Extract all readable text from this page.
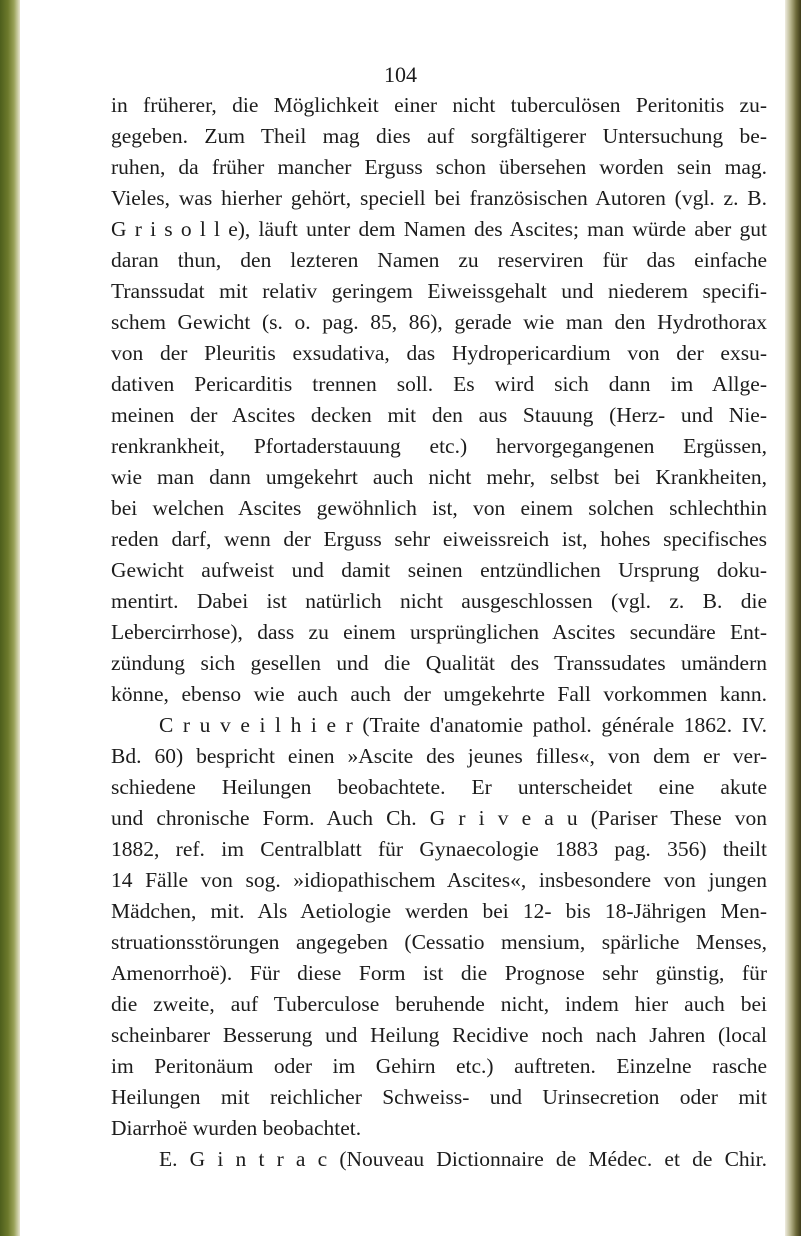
104
in früherer, die Möglichkeit einer nicht tuberculösen Peritonitis zu-
gegeben. Zum Theil mag dies auf sorgfältigerer Untersuchung be-
ruhen, da früher mancher Erguss schon übersehen worden sein mag.
Vieles, was hierher gehört, speciell bei französischen Autoren (vgl. z. B.
G r i s o l l e), läuft unter dem Namen des Ascites; man würde aber gut
daran thun, den lezteren Namen zu reserviren für das einfache
Transsudat mit relativ geringem Eiweissgehalt und niederem specifi-
schem Gewicht (s. o. pag. 85, 86), gerade wie man den Hydrothorax
von der Pleuritis exsudativa, das Hydropericardium von der exsu-
dativen Pericarditis trennen soll. Es wird sich dann im Allge-
meinen der Ascites decken mit den aus Stauung (Herz- und Nie-
renkrankheit, Pfortaderstauung etc.) hervorgegangenen Ergüssen,
wie man dann umgekehrt auch nicht mehr, selbst bei Krankheiten,
bei welchen Ascites gewöhnlich ist, von einem solchen schlechthin
reden darf, wenn der Erguss sehr eiweissreich ist, hohes specifisches
Gewicht aufweist und damit seinen entzündlichen Ursprung doku-
mentirt. Dabei ist natürlich nicht ausgeschlossen (vgl. z. B. die
Lebercirrhose), dass zu einem ursprünglichen Ascites secundäre Ent-
zündung sich gesellen und die Qualität des Transsudates umändern
könne, ebenso wie auch auch der umgekehrte Fall vorkommen kann.
C r u v e i l h i e r (Traite d'anatomie pathol. générale 1862. IV.
Bd. 60) bespricht einen »Ascite des jeunes filles«, von dem er ver-
schiedene Heilungen beobachtete. Er unterscheidet eine akute
und chronische Form. Auch Ch. G r i v e a u (Pariser These von
1882, ref. im Centralblatt für Gynaecologie 1883 pag. 356) theilt
14 Fälle von sog. »idiopathischem Ascites«, insbesondere von jungen
Mädchen, mit. Als Aetiologie werden bei 12- bis 18-Jährigen Men-
struationsstörungen angegeben (Cessatio mensium, spärliche Menses,
Amenorrhoë). Für diese Form ist die Prognose sehr günstig, für
die zweite, auf Tuberculose beruhende nicht, indem hier auch bei
scheinbarer Besserung und Heilung Recidive noch nach Jahren (local
im Peritonäum oder im Gehirn etc.) auftreten. Einzelne rasche
Heilungen mit reichlicher Schweiss- und Urinsecretion oder mit
Diarrhoë wurden beobachtet.
E. G i n t r a c (Nouveau Dictionnaire de Médec. et de Chir.
